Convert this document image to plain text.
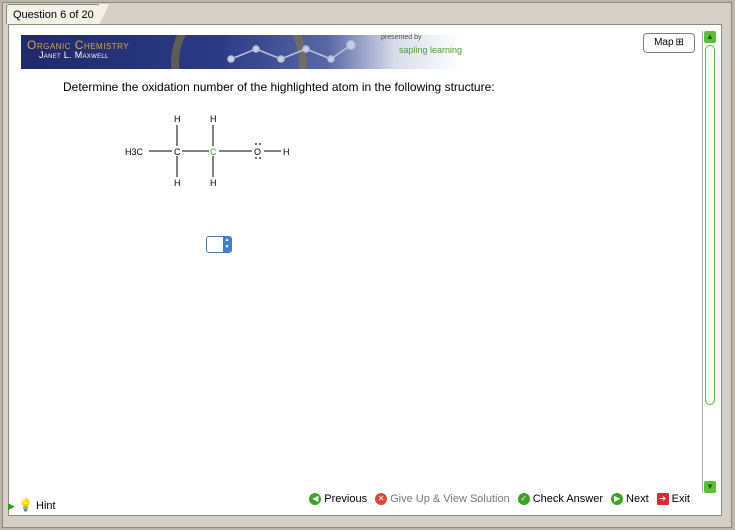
Question 6 of 20
Organic Chemistry
Janet L. Maxwell
presented by
sapling learning
Map ⊞
▲
▼
Determine the oxidation number of the highlighted atom in the following structure:
H3C	C
H
H
C
H
H
O H
▲
▼
▶ 💡 Hint
◀ Previous	✕ Give Up & View Solution	✓ Check Answer	▶ Next	➔ Exit
